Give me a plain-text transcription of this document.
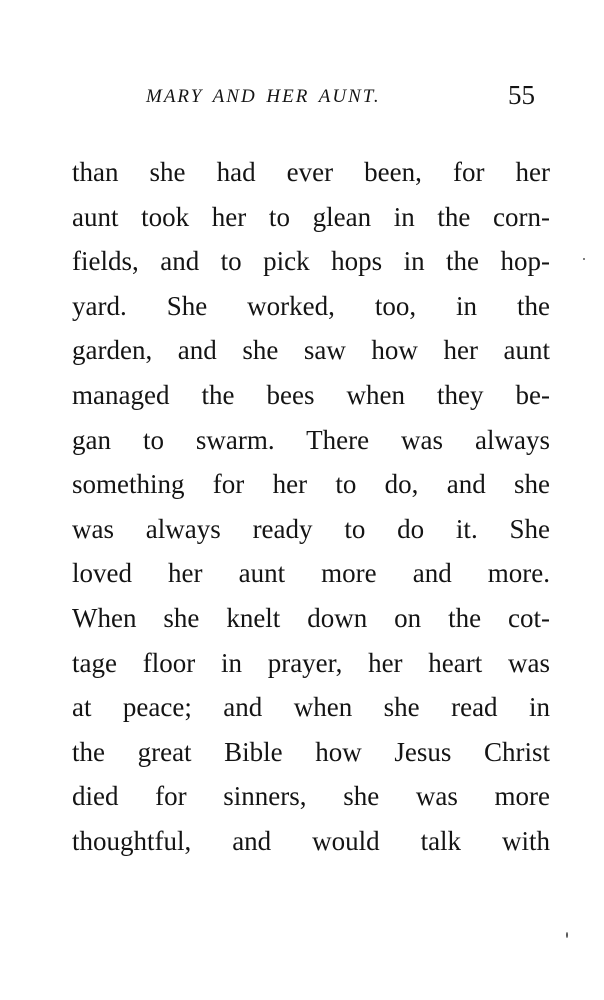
MARY AND HER AUNT.	55
than she had ever been, for her
aunt took her to glean in the corn-
fields, and to pick hops in the hop-
yard. She worked, too, in the
garden, and she saw how her aunt
managed the bees when they be-
gan to swarm. There was always
something for her to do, and she
was always ready to do it. She
loved her aunt more and more.
When she knelt down on the cot-
tage floor in prayer, her heart was
at peace; and when she read in
the great Bible how Jesus Christ
died for sinners, she was more
thoughtful, and would talk with
